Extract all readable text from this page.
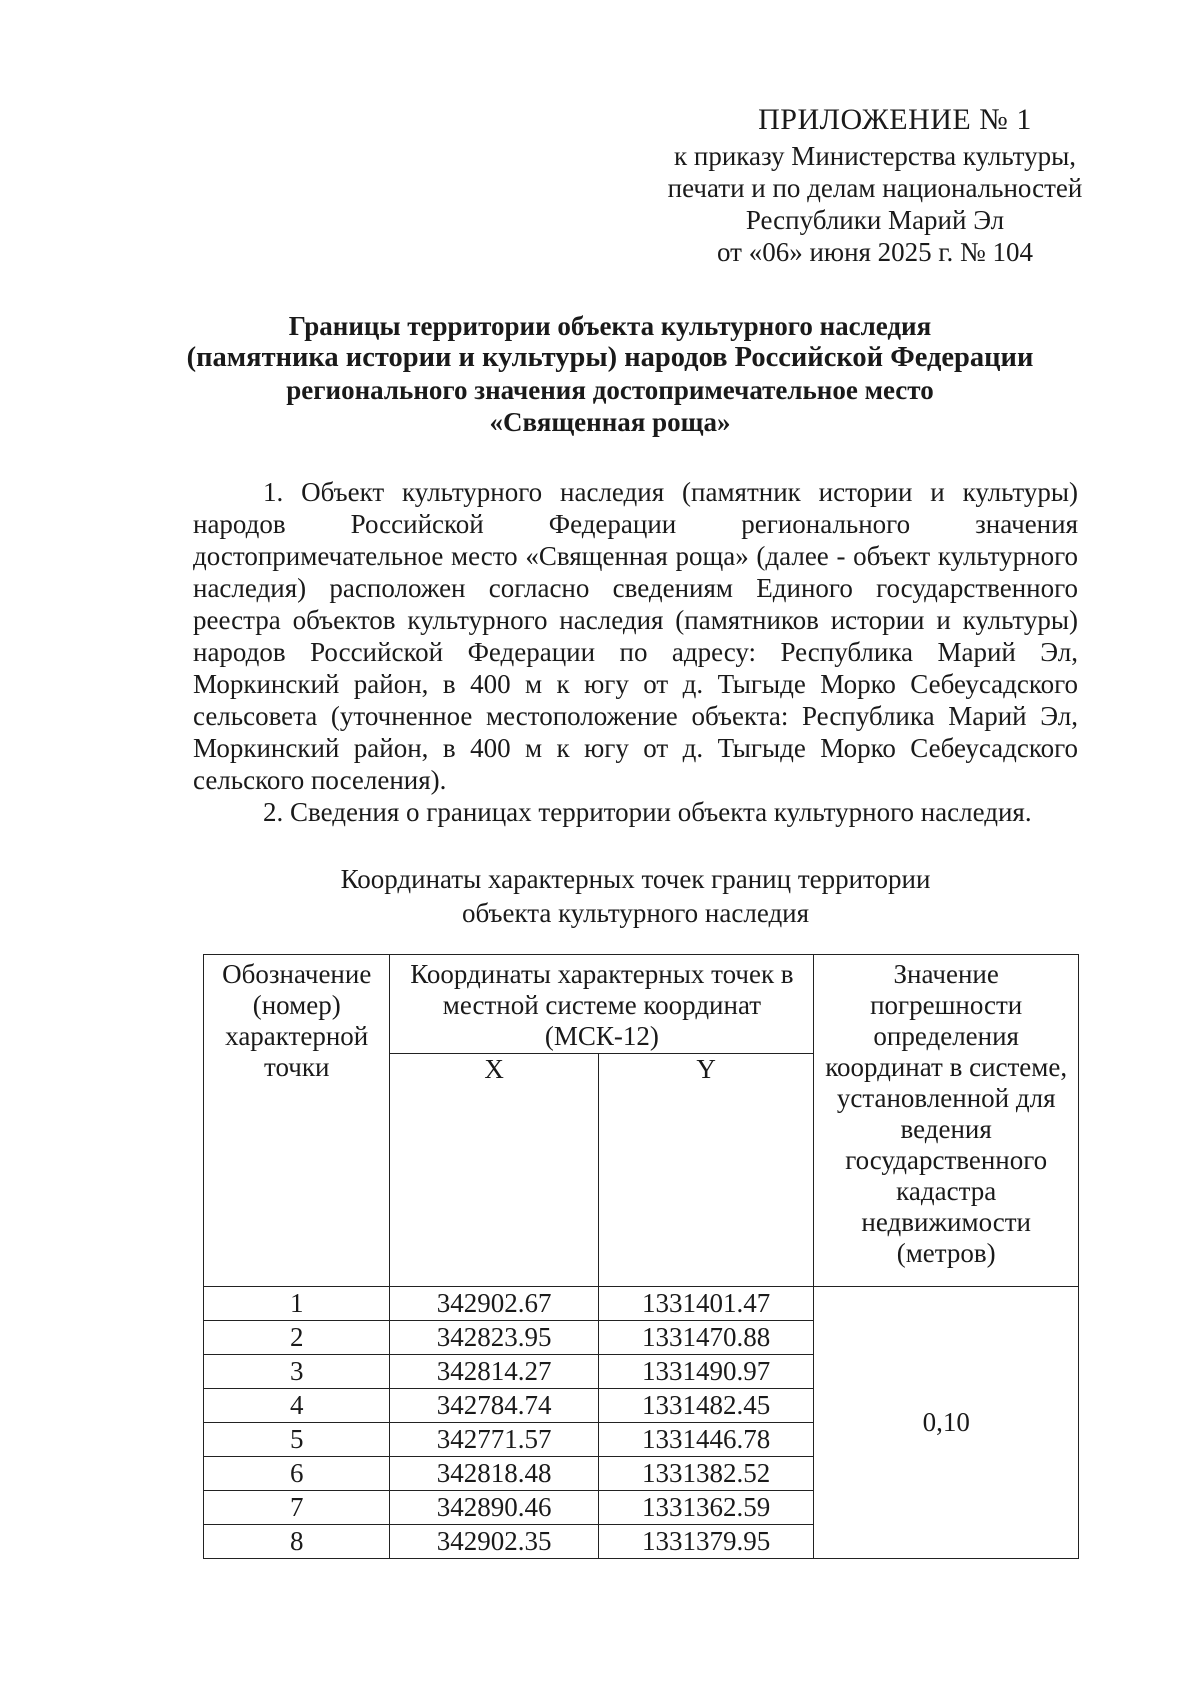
ПРИЛОЖЕНИЕ № 1
к приказу Министерства культуры,
печати и по делам национальностей
Республики Марий Эл
от «06» июня 2025 г. № 104
Границы территории объекта культурного наследия
(памятника истории и культуры) народов Российской Федерации
регионального значения достопримечательное место
«Священная роща»

1. Объект культурного наследия (памятник истории и культуры) народов Российской Федерации регионального значения достопримечательное место «Священная роща» (далее - объект культурного наследия) расположен согласно сведениям Единого государственного реестра объектов культурного наследия (памятников истории и культуры) народов Российской Федерации по адресу: Республика Марий Эл, Моркинский район, в 400 м к югу от д. Тыгыде Морко Себеусадского сельсовета (уточненное местоположение объекта: Республика Марий Эл, Моркинский район, в 400 м к югу от д. Тыгыде Морко Себеусадского сельского поселения).

2. Сведения о границах территории объекта культурного наследия.

Координаты характерных точек границ территории
объекта культурного наследия
Обозначение (номер) характерной точки	Координаты характерных точек в местной системе координат (МСК-12)		Значение погрешности определения координат в системе, установленной для ведения государственного кадастра недвижимости (метров)
	X	Y	
1	342902.67	1331401.47	0,10
2	342823.95	1331470.88	
3	342814.27	1331490.97	
4	342784.74	1331482.45	
5	342771.57	1331446.78	
6	342818.48	1331382.52	
7	342890.46	1331362.59	
8	342902.35	1331379.95	
